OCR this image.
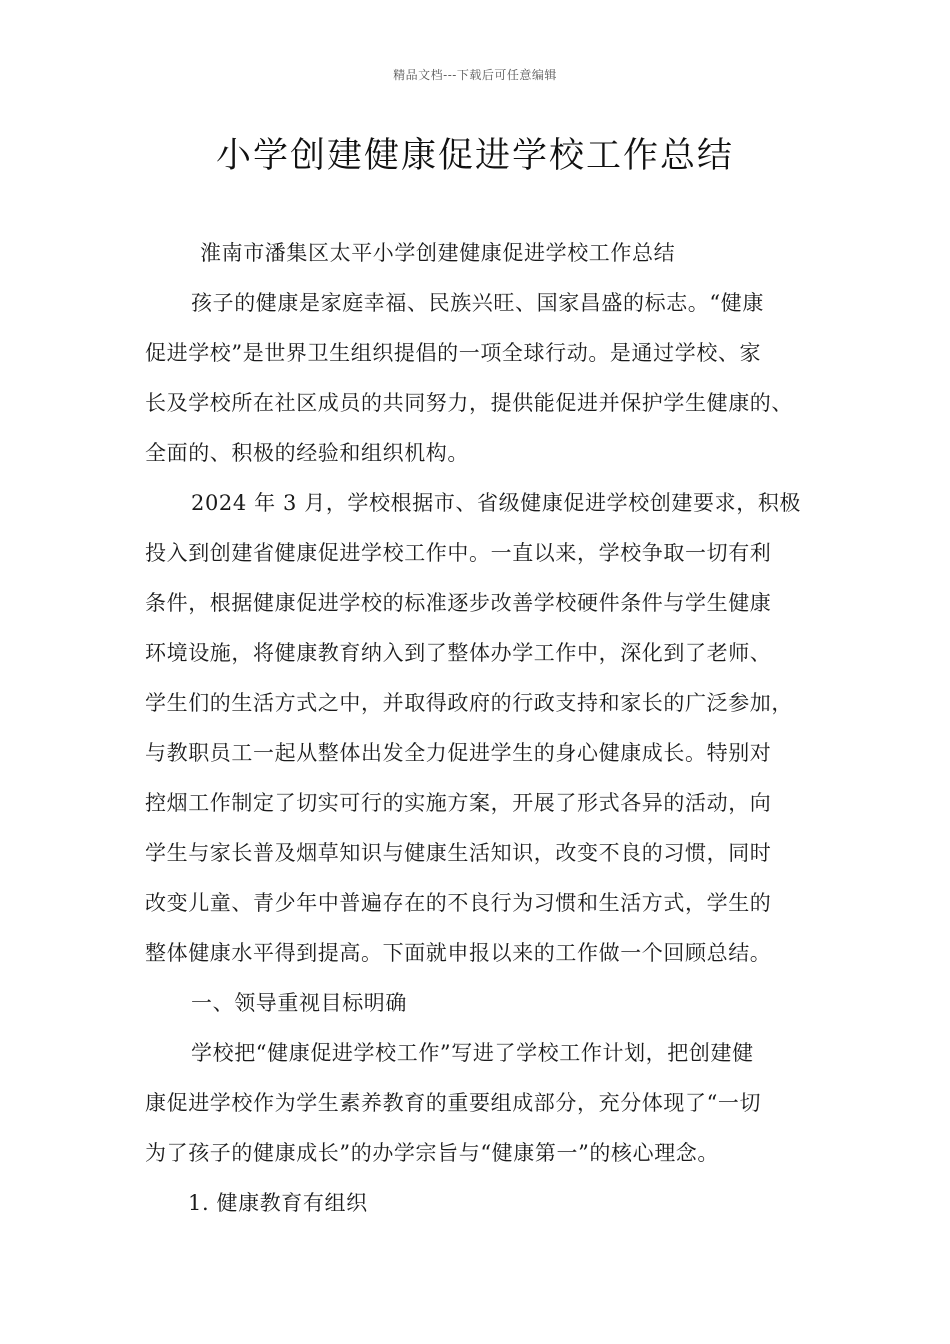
精品文档---下载后可任意编辑
小学创建健康促进学校工作总结
淮南市潘集区太平小学创建健康促进学校工作总结
孩子的健康是家庭幸福、民族兴旺、国家昌盛的标志。“健康
促进学校”是世界卫生组织提倡的一项全球行动。是通过学校、家
长及学校所在社区成员的共同努力，提供能促进并保护学生健康的、
全面的、积极的经验和组织机构。
2024 年 3 月，学校根据市、省级健康促进学校创建要求，积极
投入到创建省健康促进学校工作中。一直以来，学校争取一切有利
条件，根据健康促进学校的标准逐步改善学校硬件条件与学生健康
环境设施，将健康教育纳入到了整体办学工作中，深化到了老师、
学生们的生活方式之中，并取得政府的行政支持和家长的广泛参加，
与教职员工一起从整体出发全力促进学生的身心健康成长。特别对
控烟工作制定了切实可行的实施方案，开展了形式各异的活动，向
学生与家长普及烟草知识与健康生活知识，改变不良的习惯，同时
改变儿童、青少年中普遍存在的不良行为习惯和生活方式，学生的
整体健康水平得到提高。下面就申报以来的工作做一个回顾总结。
一、领导重视目标明确
学校把“健康促进学校工作”写进了学校工作计划，把创建健
康促进学校作为学生素养教育的重要组成部分，充分体现了“一切
为了孩子的健康成长”的办学宗旨与“健康第一”的核心理念。
1. 健康教育有组织
